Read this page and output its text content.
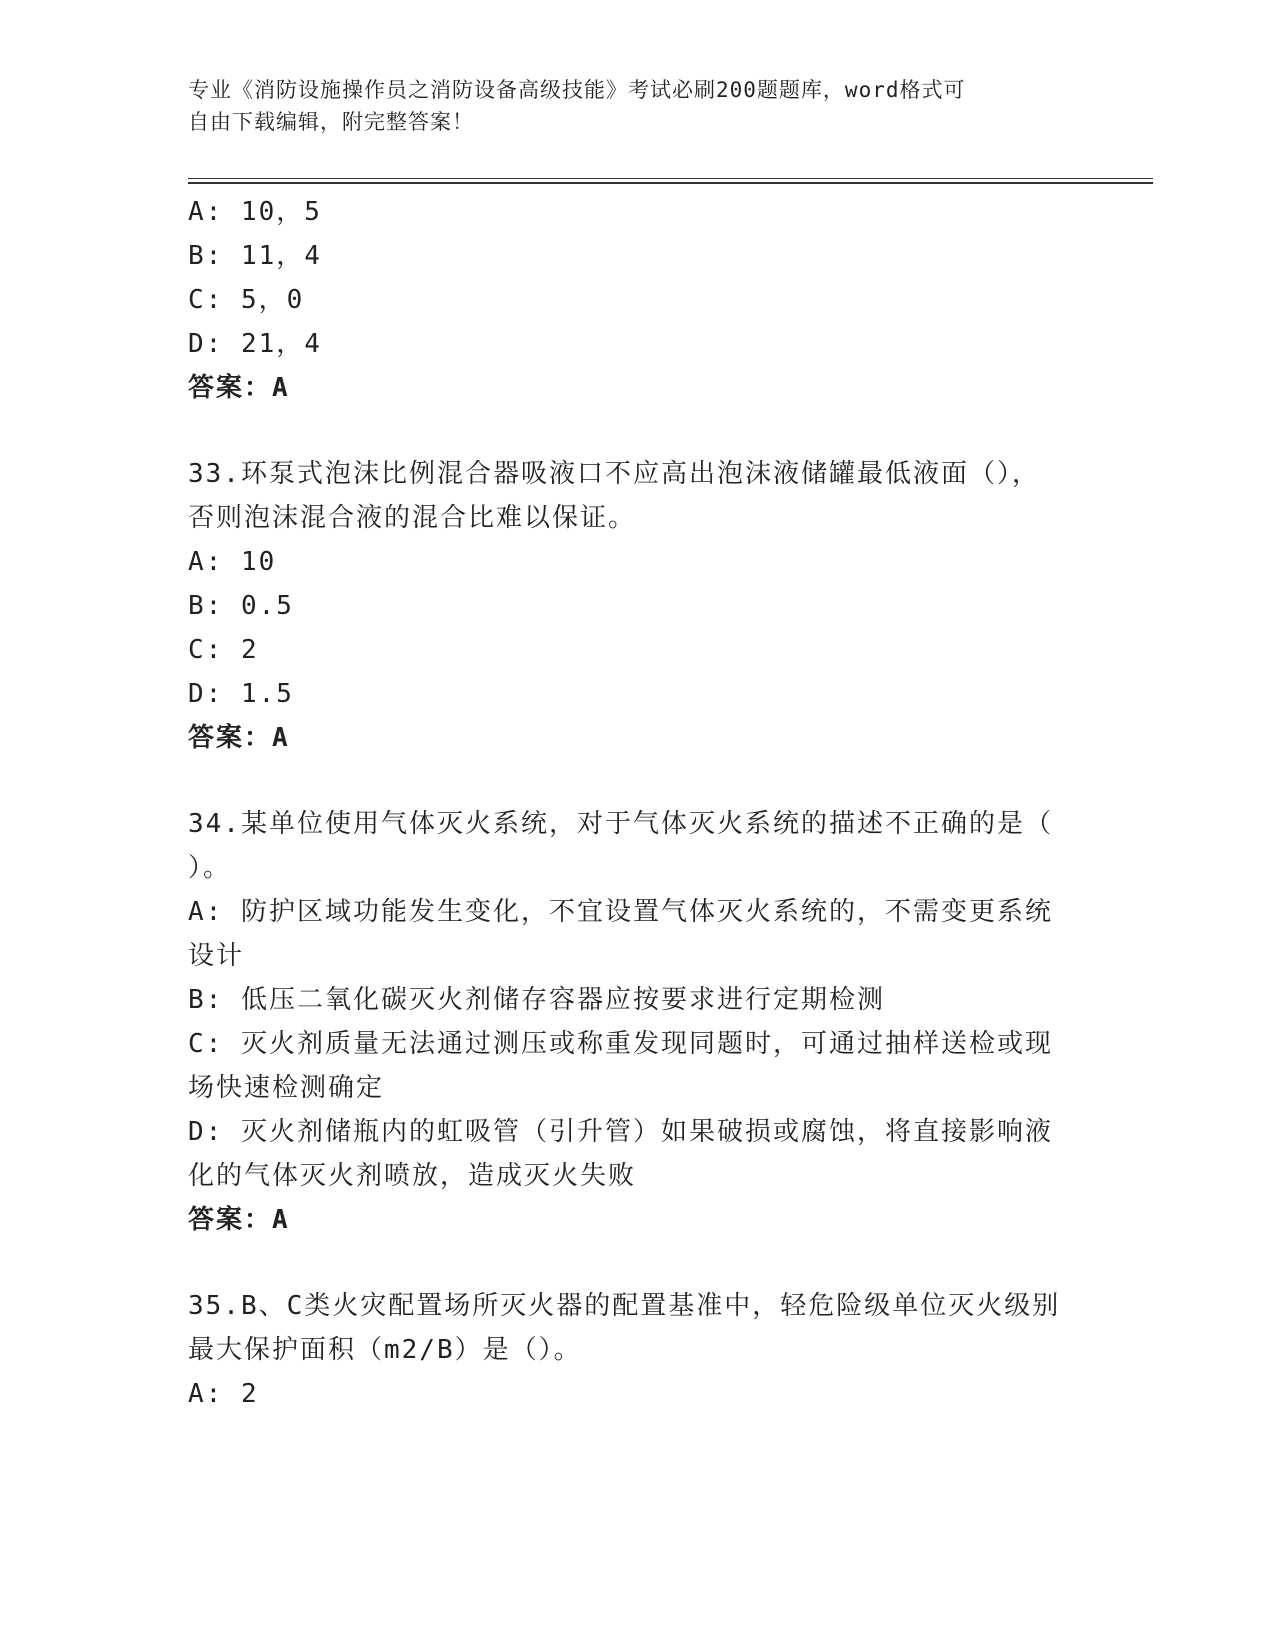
专业《消防设施操作员之消防设备高级技能》考试必刷200题题库，word格式可

自由下载编辑，附完整答案！

A: 10，5
B: 11，4
C: 5，0
D: 21，4
答案：A
33.环泵式泡沫比例混合器吸液口不应高出泡沫液储罐最低液面（），
否则泡沫混合液的混合比难以保证。
A: 10
B: 0.5
C: 2
D: 1.5
答案：A
34.某单位使用气体灭火系统，对于气体灭火系统的描述不正确的是（
）。
A: 防护区域功能发生变化，不宜设置气体灭火系统的，不需变更系统
设计
B: 低压二氧化碳灭火剂储存容器应按要求进行定期检测
C: 灭火剂质量无法通过测压或称重发现同题时，可通过抽样送检或现
场快速检测确定
D: 灭火剂储瓶内的虹吸管（引升管）如果破损或腐蚀，将直接影响液
化的气体灭火剂喷放，造成灭火失败
答案：A
35.B、C类火灾配置场所灭火器的配置基准中，轻危险级单位灭火级别
最大保护面积（m2/B）是（）。
A: 2
